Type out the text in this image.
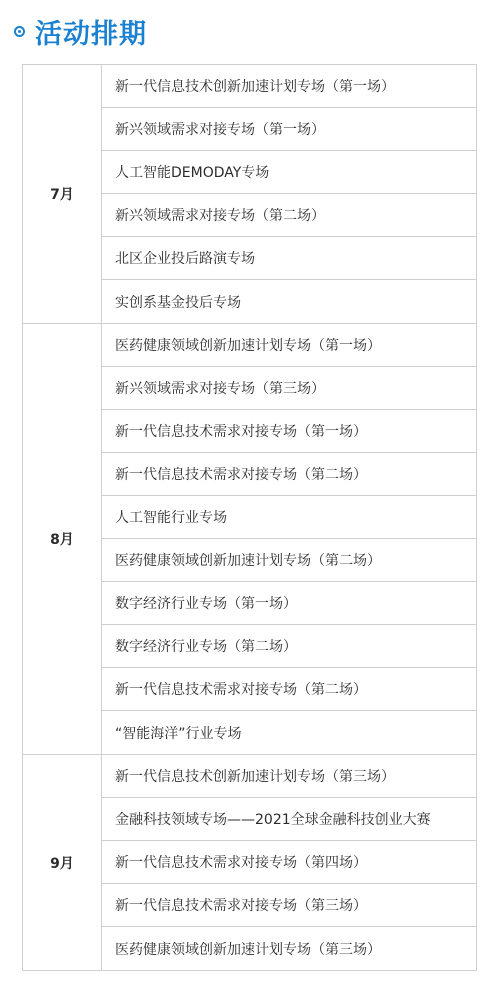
活动排期
7月
新一代信息技术创新加速计划专场（第一场）
新兴领域需求对接专场（第一场）
人工智能DEMODAY专场
新兴领域需求对接专场（第二场）
北区企业投后路演专场
实创系基金投后专场
8月
医药健康领域创新加速计划专场（第一场）
新兴领域需求对接专场（第三场）
新一代信息技术需求对接专场（第一场）
新一代信息技术需求对接专场（第二场）
人工智能行业专场
医药健康领域创新加速计划专场（第二场）
数字经济行业专场（第一场）
数字经济行业专场（第二场）
新一代信息技术需求对接专场（第二场）
“智能海洋”行业专场
9月
新一代信息技术创新加速计划专场（第三场）
金融科技领域专场——2021全球金融科技创业大赛
新一代信息技术需求对接专场（第四场）
新一代信息技术需求对接专场（第三场）
医药健康领域创新加速计划专场（第三场）
